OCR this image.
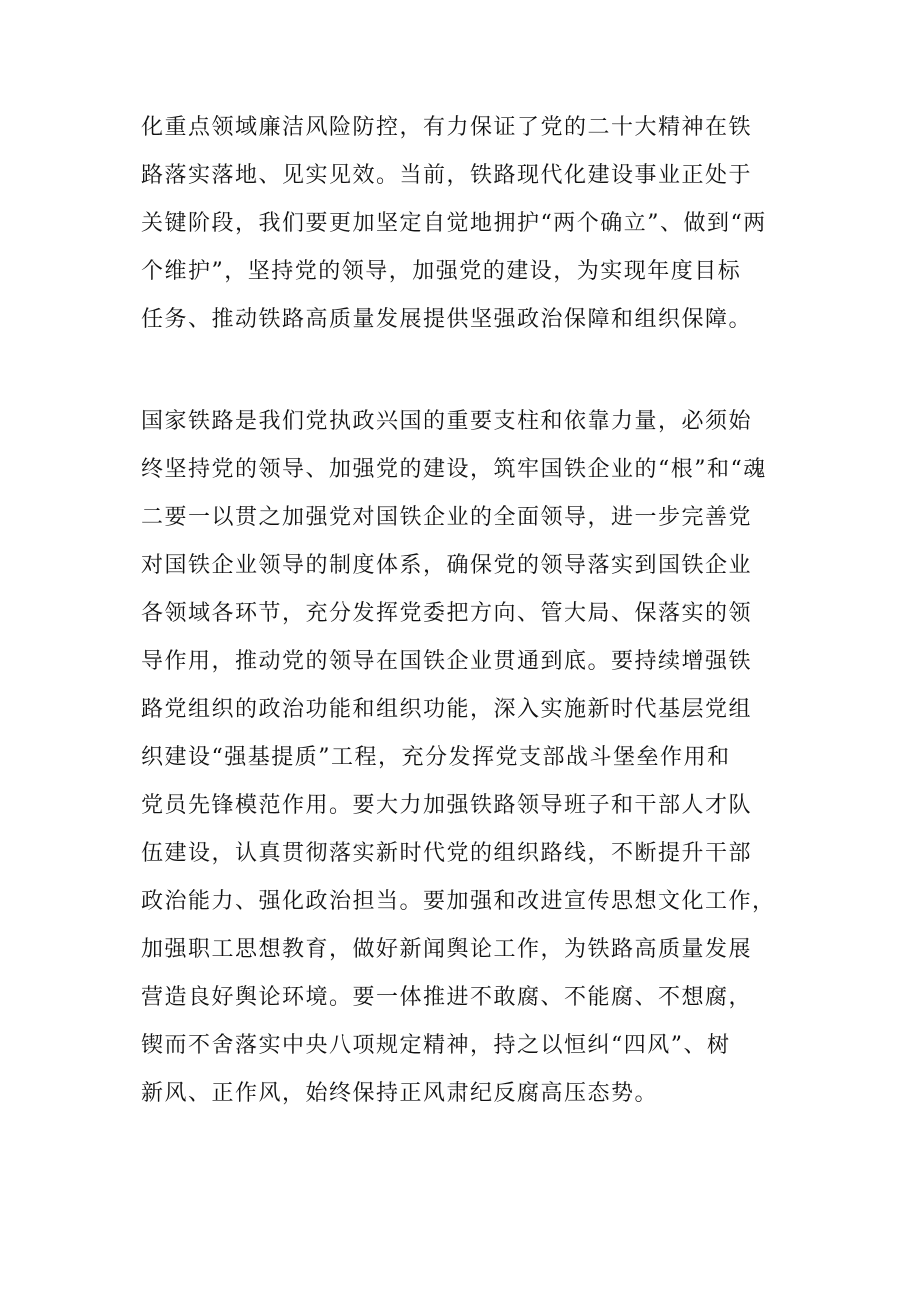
化重点领域廉洁风险防控，有力保证了党的二十大精神在铁
路落实落地、见实见效。当前，铁路现代化建设事业正处于
关键阶段，我们要更加坚定自觉地拥护“两个确立”、做到“两
个维护”，坚持党的领导，加强党的建设，为实现年度目标
任务、推动铁路高质量发展提供坚强政治保障和组织保障。
国家铁路是我们党执政兴国的重要支柱和依靠力量，必须始
终坚持党的领导、加强党的建设，筑牢国铁企业的“根”和“魂
二要一以贯之加强党对国铁企业的全面领导，进一步完善党
对国铁企业领导的制度体系，确保党的领导落实到国铁企业
各领域各环节，充分发挥党委把方向、管大局、保落实的领
导作用，推动党的领导在国铁企业贯通到底。要持续增强铁
路党组织的政治功能和组织功能，深入实施新时代基层党组
织建设“强基提质”工程，充分发挥党支部战斗堡垒作用和
党员先锋模范作用。要大力加强铁路领导班子和干部人才队
伍建设，认真贯彻落实新时代党的组织路线，不断提升干部
政治能力、强化政治担当。要加强和改进宣传思想文化工作，
加强职工思想教育，做好新闻舆论工作，为铁路高质量发展
营造良好舆论环境。要一体推进不敢腐、不能腐、不想腐，
锲而不舍落实中央八项规定精神，持之以恒纠“四风”、树
新风、正作风，始终保持正风肃纪反腐高压态势。
